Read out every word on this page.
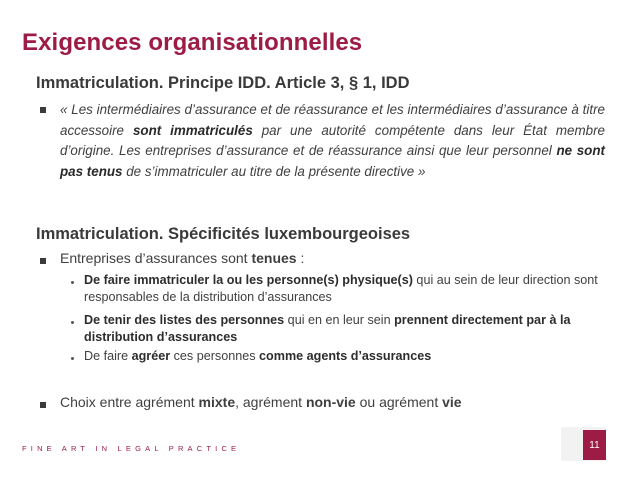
Exigences organisationnelles
Immatriculation. Principe IDD. Article 3, § 1, IDD
« Les intermédiaires d’assurance et de réassurance et les intermédiaires d’assurance à titre accessoire sont immatriculés par une autorité compétente dans leur État membre d’origine. Les entreprises d’assurance et de réassurance ainsi que leur personnel ne sont pas tenus de s’immatriculer au titre de la présente directive »
Immatriculation. Spécificités luxembourgeoises
Entreprises d’assurances sont tenues :
De faire immatriculer la ou les personne(s) physique(s) qui au sein de leur direction sont responsables de la distribution d’assurances
De tenir des listes des personnes qui en en leur sein prennent directement par à la distribution d’assurances
De faire agréer ces personnes comme agents d’assurances
Choix entre agrément mixte, agrément non-vie ou agrément vie
FINE ART IN LEGAL PRACTICE	11
